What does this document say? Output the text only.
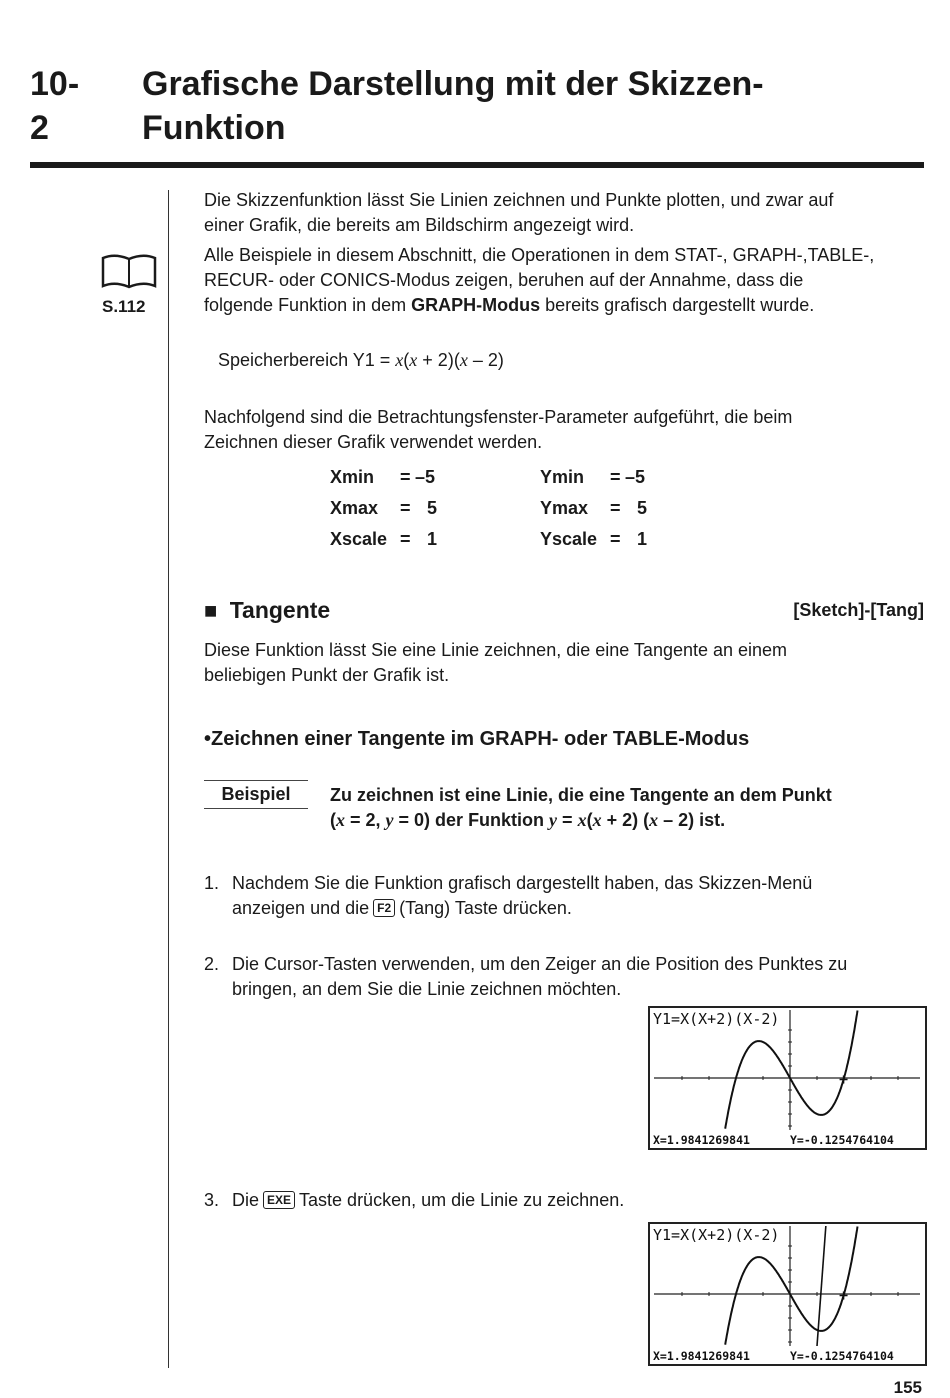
10-2
Grafische Darstellung mit der Skizzen-
Funktion
S.112
Die Skizzenfunktion lässt Sie Linien zeichnen und Punkte plotten, und zwar auf
einer Grafik, die bereits am Bildschirm angezeigt wird.
Alle Beispiele in diesem Abschnitt, die Operationen in dem STAT-, GRAPH-,TABLE-,
RECUR- oder CONICS-Modus zeigen, beruhen auf der Annahme, dass die
folgende Funktion in dem GRAPH-Modus bereits grafisch dargestellt wurde.
Speicherbereich Y1 = x(x + 2)(x – 2)
Nachfolgend sind die Betrachtungsfenster-Parameter aufgeführt, die beim
Zeichnen dieser Grafik verwendet werden.
Xmin = –5	Ymin = –5
Xmax = 5	Ymax = 5
Xscale = 1	Yscale = 1
■ Tangente	[Sketch]-[Tang]
Diese Funktion lässt Sie eine Linie zeichnen, die eine Tangente an einem
beliebigen Punkt der Grafik ist.
•Zeichnen einer Tangente im GRAPH- oder TABLE-Modus
Beispiel	Zu zeichnen ist eine Linie, die eine Tangente an dem Punkt
(x = 2, y = 0) der Funktion y = x(x + 2) (x – 2) ist.
1. Nachdem Sie die Funktion grafisch dargestellt haben, das Skizzen-Menü
anzeigen und die F2 (Tang) Taste drücken.
2. Die Cursor-Tasten verwenden, um den Zeiger an die Position des Punktes zu
bringen, an dem Sie die Linie zeichnen möchten.
3. Die EXE Taste drücken, um die Linie zu zeichnen.
Y1=X(X+2)(X-2)
X=1.9841269841	Y=-0.1254764104
Y1=X(X+2)(X-2)
X=1.9841269841	Y=-0.1254764104
155
